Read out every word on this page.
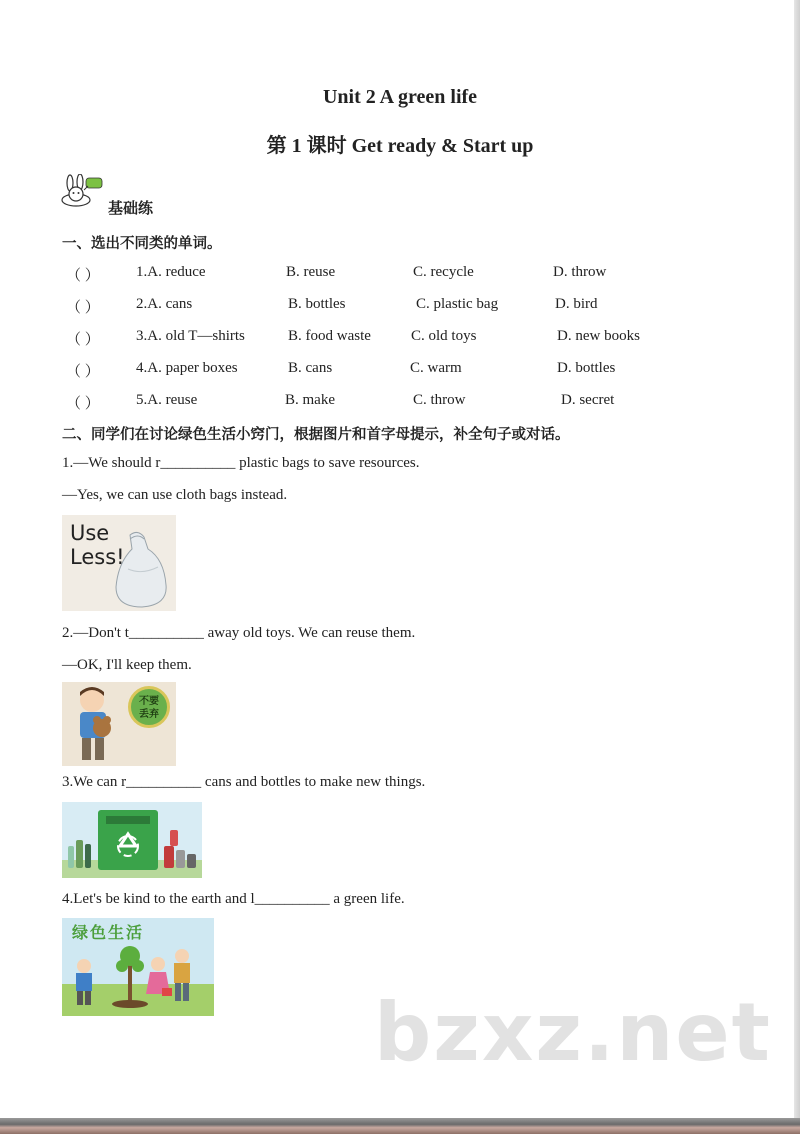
Unit 2 A green life
第 1 课时 Get ready & Start up
基础练
一、选出不同类的单词。
（ ） 1.A. reduce	B. reuse	C. recycle	D. throw
（ ） 2.A. cans	B. bottles	C. plastic bag	D. bird
（ ） 3.A. old T—shirts	B. food waste	C. old toys	D. new books
（ ） 4.A. paper boxes	B. cans	C. warm	D. bottles
（ ） 5.A. reuse	B. make	C. throw	D. secret
二、同学们在讨论绿色生活小窍门，根据图片和首字母提示，补全句子或对话。
1.—We should r__________ plastic bags to save resources.
—Yes, we can use cloth bags instead.
Use
Less!
2.—Don't t__________ away old toys. We can reuse them.
—OK, I'll keep them.
不要
丢弃
3.We can r__________ cans and bottles to make new things.
4.Let's be kind to the earth and l__________ a green life.
绿色生活
bzxz.net
